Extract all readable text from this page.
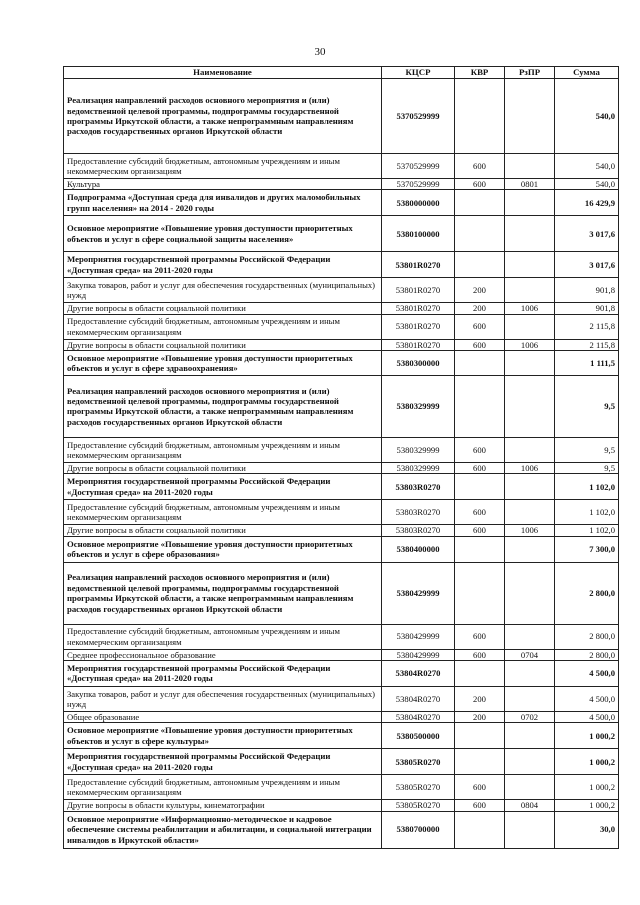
30
Наименование	КЦСР	КВР	РзПР	Сумма
Реализация направлений расходов основного мероприятия и (или) ведомственной целевой программы, подпрограммы государственной программы Иркутской области, а также непрограммным направлениям расходов государственных органов Иркутской области	5370529999			540,0
Предоставление субсидий бюджетным, автономным учреждениям и иным некоммерческим организациям	5370529999	600		540,0
Культура	5370529999	600	0801	540,0
Подпрограмма «Доступная среда для инвалидов и других маломобильных групп населения» на 2014 - 2020 годы	5380000000			16 429,9
Основное мероприятие «Повышение уровня доступности приоритетных объектов и услуг в сфере социальной защиты населения»	5380100000			3 017,6
Мероприятия государственной программы Российской Федерации «Доступная среда» на 2011-2020 годы	53801R0270			3 017,6
Закупка товаров, работ и услуг для обеспечения государственных (муниципальных) нужд	53801R0270	200		901,8
Другие вопросы в области социальной политики	53801R0270	200	1006	901,8
Предоставление субсидий бюджетным, автономным учреждениям и иным некоммерческим организациям	53801R0270	600		2 115,8
Другие вопросы в области социальной политики	53801R0270	600	1006	2 115,8
Основное мероприятие «Повышение уровня доступности приоритетных объектов и услуг в сфере здравоохранения»	5380300000			1 111,5
Реализация направлений расходов основного мероприятия и (или) ведомственной целевой программы, подпрограммы государственной программы Иркутской области, а также непрограммным направлениям расходов государственных органов Иркутской области	5380329999			9,5
Предоставление субсидий бюджетным, автономным учреждениям и иным некоммерческим организациям	5380329999	600		9,5
Другие вопросы в области социальной политики	5380329999	600	1006	9,5
Мероприятия государственной программы Российской Федерации «Доступная среда» на 2011-2020 годы	53803R0270			1 102,0
Предоставление субсидий бюджетным, автономным учреждениям и иным некоммерческим организациям	53803R0270	600		1 102,0
Другие вопросы в области социальной политики	53803R0270	600	1006	1 102,0
Основное мероприятие «Повышение уровня доступности приоритетных объектов и услуг в сфере образования»	5380400000			7 300,0
Реализация направлений расходов основного мероприятия и (или) ведомственной целевой программы, подпрограммы государственной программы Иркутской области, а также непрограммным направлениям расходов государственных органов Иркутской области	5380429999			2 800,0
Предоставление субсидий бюджетным, автономным учреждениям и иным некоммерческим организациям	5380429999	600		2 800,0
Среднее профессиональное образование	5380429999	600	0704	2 800,0
Мероприятия государственной программы Российской Федерации «Доступная среда» на 2011-2020 годы	53804R0270			4 500,0
Закупка товаров, работ и услуг для обеспечения государственных (муниципальных) нужд	53804R0270	200		4 500,0
Общее образование	53804R0270	200	0702	4 500,0
Основное мероприятие «Повышение уровня доступности приоритетных объектов и услуг в сфере культуры»	5380500000			1 000,2
Мероприятия государственной программы Российской Федерации «Доступная среда» на 2011-2020 годы	53805R0270			1 000,2
Предоставление субсидий бюджетным, автономным учреждениям и иным некоммерческим организациям	53805R0270	600		1 000,2
Другие вопросы в области культуры, кинематографии	53805R0270	600	0804	1 000,2
Основное мероприятие «Информационно-методическое и кадровое обеспечение системы реабилитации и абилитации, и социальной интеграции инвалидов в Иркутской области»	5380700000			30,0
